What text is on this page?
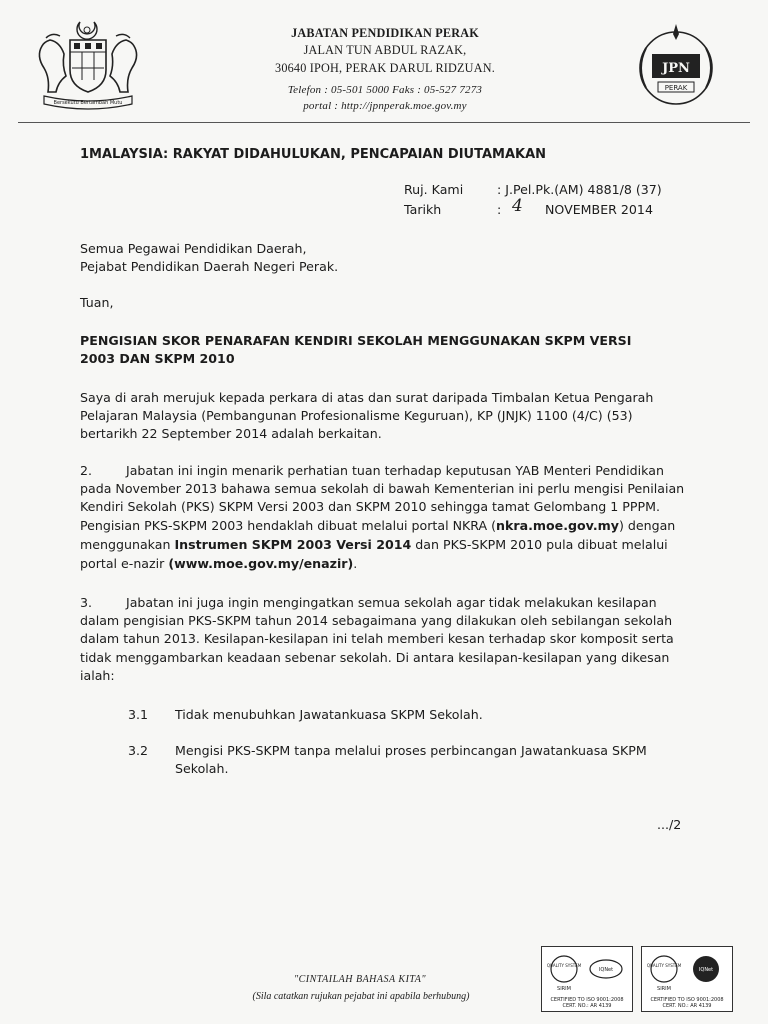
Bersekutu Bertambah Mutu
JABATAN PENDIDIKAN PERAK
JALAN TUN ABDUL RAZAK,
30640 IPOH, PERAK DARUL RIDZUAN.
Telefon : 05-501 5000 Faks : 05-527 7273
portal : http://jpnperak.moe.gov.my
JPN
PERAK
1MALAYSIA: RAKYAT DIDAHULUKAN, PENCAPAIAN DIUTAMAKAN
Ruj. Kami	: J.Pel.Pk.(AM) 4881/8 (37)
Tarikh	: 4 NOVEMBER 2014
Semua Pegawai Pendidikan Daerah,
Pejabat Pendidikan Daerah Negeri Perak.
Tuan,
PENGISIAN SKOR PENARAFAN KENDIRI SEKOLAH MENGGUNAKAN SKPM VERSI
2003 DAN SKPM 2010
Saya di arah merujuk kepada perkara di atas dan surat daripada Timbalan Ketua Pengarah
Pelajaran Malaysia (Pembangunan Profesionalisme Keguruan), KP (JNJK) 1100 (4/C) (53)
bertarikh 22 September 2014 adalah berkaitan.
2.	Jabatan ini ingin menarik perhatian tuan terhadap keputusan YAB Menteri Pendidikan
pada November 2013 bahawa semua sekolah di bawah Kementerian ini perlu mengisi Penilaian
Kendiri Sekolah (PKS) SKPM Versi 2003 dan SKPM 2010 sehingga tamat Gelombang 1 PPPM.
Pengisian PKS-SKPM 2003 hendaklah dibuat melalui portal NKRA (nkra.moe.gov.my) dengan
menggunakan Instrumen SKPM 2003 Versi 2014 dan PKS-SKPM 2010 pula dibuat melalui
portal e-nazir (www.moe.gov.my/enazir).
3.	Jabatan ini juga ingin mengingatkan semua sekolah agar tidak melakukan kesilapan
dalam pengisian PKS-SKPM tahun 2014 sebagaimana yang dilakukan oleh sebilangan sekolah
dalam tahun 2013. Kesilapan-kesilapan ini telah memberi kesan terhadap skor komposit serta
tidak menggambarkan keadaan sebenar sekolah. Di antara kesilapan-kesilapan yang dikesan
ialah:
3.1 Tidak menubuhkan Jawatankuasa SKPM Sekolah.
3.2 Mengisi PKS-SKPM tanpa melalui proses perbincangan Jawatankuasa SKPM
Sekolah.
.../2
"CINTAILAH BAHASA KITA"
(Sila catatkan rujukan pejabat ini apabila berhubung)
QUALITY SYSTEM
SIRIM
IQNet
CERTIFIED TO ISO 9001:2008
CERT. NO.: AR 4139
QUALITY SYSTEM
SIRIM
IQNet
CERTIFIED TO ISO 9001:2008
CERT. NO.: AR 4139
